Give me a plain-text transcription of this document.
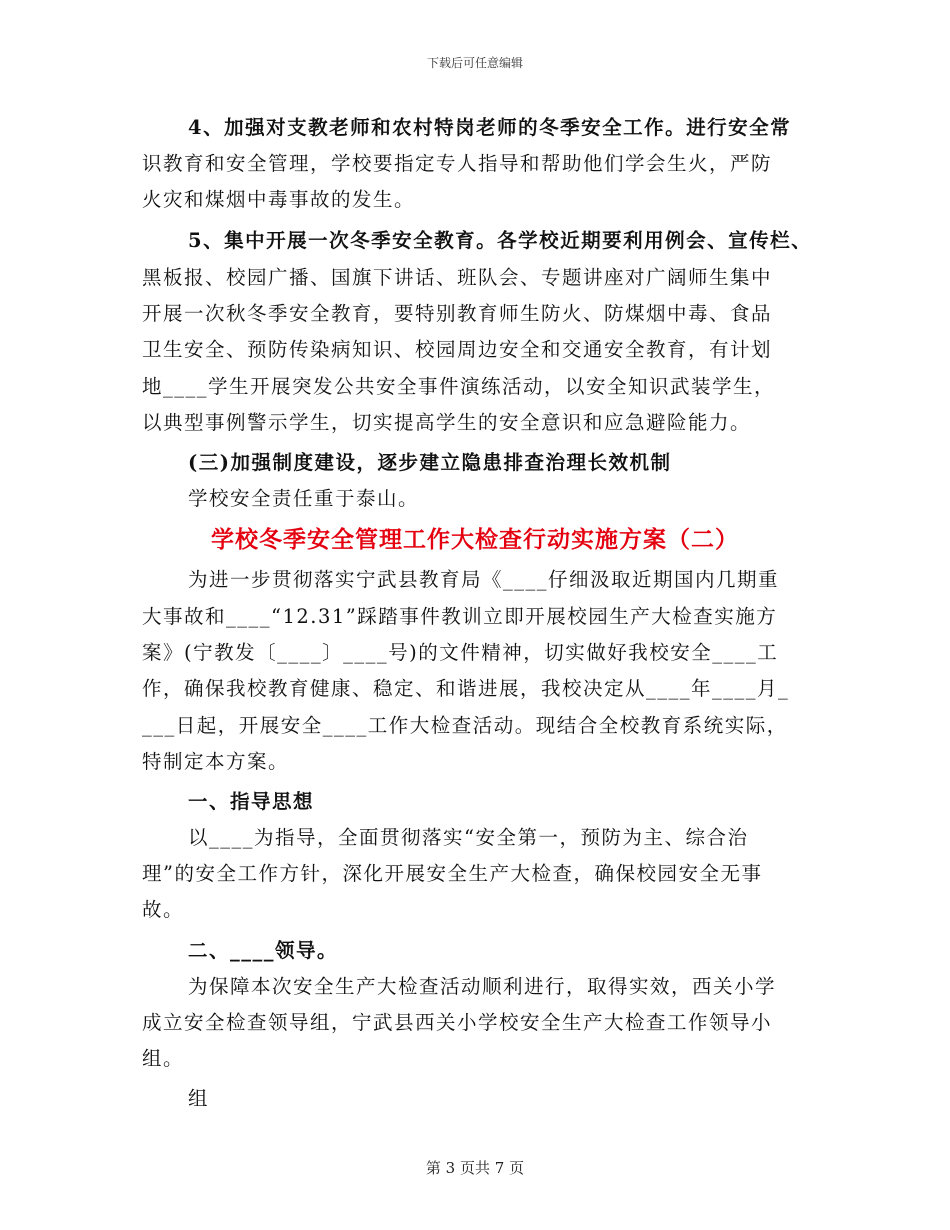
下载后可任意编辑
4、加强对支教老师和农村特岗老师的冬季安全工作。进行安全常
识教育和安全管理，学校要指定专人指导和帮助他们学会生火，严防
火灾和煤烟中毒事故的发生。
5、集中开展一次冬季安全教育。各学校近期要利用例会、宣传栏、
黑板报、校园广播、国旗下讲话、班队会、专题讲座对广阔师生集中
开展一次秋冬季安全教育，要特别教育师生防火、防煤烟中毒、食品
卫生安全、预防传染病知识、校园周边安全和交通安全教育，有计划
地____学生开展突发公共安全事件演练活动，以安全知识武装学生，
以典型事例警示学生，切实提高学生的安全意识和应急避险能力。
(三)加强制度建设，逐步建立隐患排查治理长效机制
学校安全责任重于泰山。
学校冬季安全管理工作大检查行动实施方案（二）
为进一步贯彻落实宁武县教育局《____仔细汲取近期国内几期重
大事故和____“12.31”踩踏事件教训立即开展校园生产大检查实施方
案》(宁教发〔____〕____号)的文件精神，切实做好我校安全____工
作，确保我校教育健康、稳定、和谐进展，我校决定从____年____月_
___日起，开展安全____工作大检查活动。现结合全校教育系统实际，
特制定本方案。
一、指导思想
以____为指导，全面贯彻落实“安全第一，预防为主、综合治
理”的安全工作方针，深化开展安全生产大检查，确保校园安全无事
故。
二、____领导。
为保障本次安全生产大检查活动顺利进行，取得实效，西关小学
成立安全检查领导组，宁武县西关小学校安全生产大检查工作领导小
组。
组
第 3 页共 7 页
